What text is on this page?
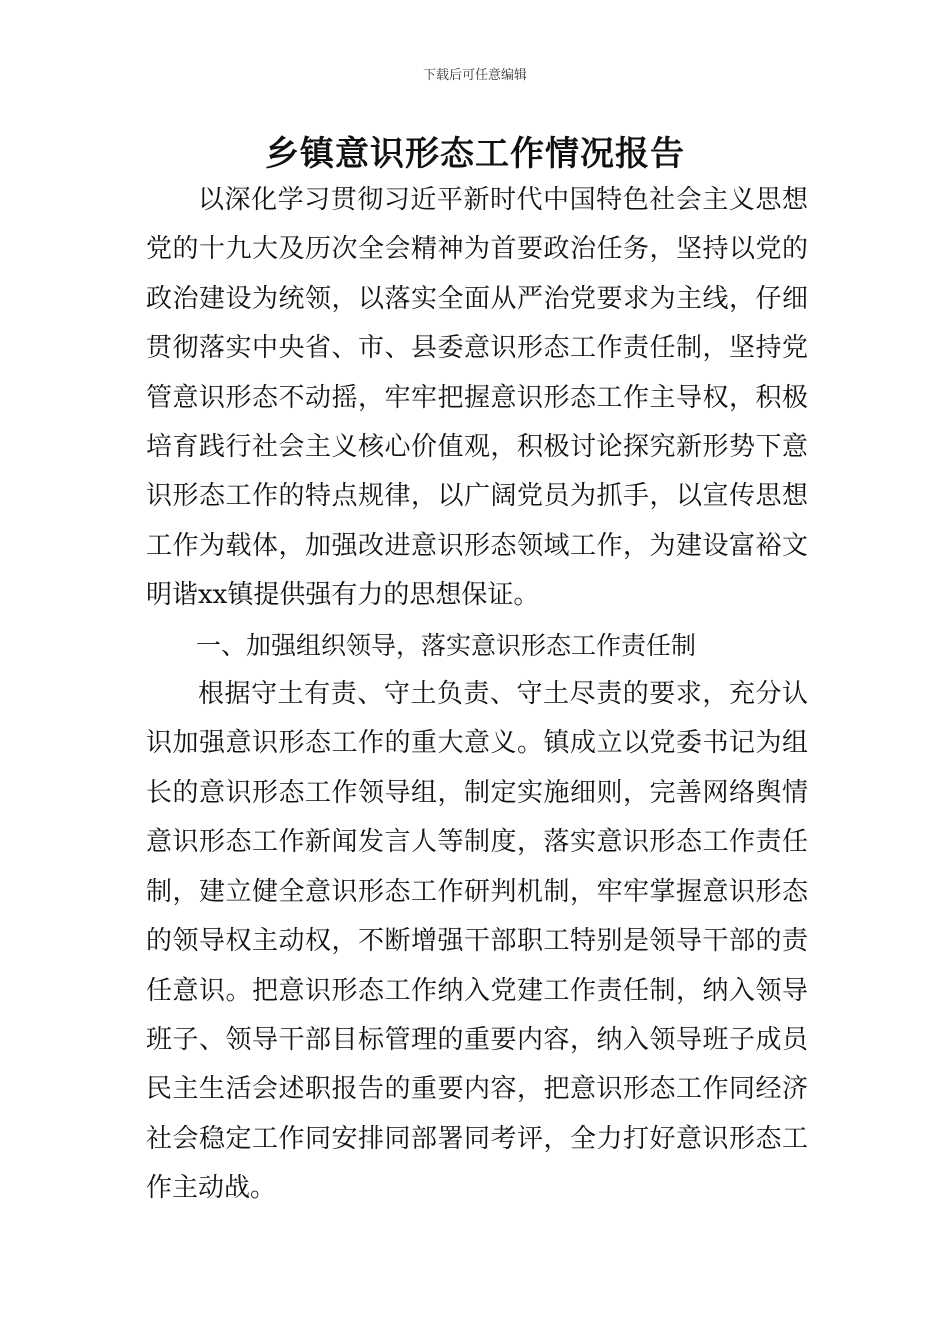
下载后可任意编辑
乡镇意识形态工作情况报告

以深化学习贯彻习近平新时代中国特色社会主义思想党的十九大及历次全会精神为首要政治任务，坚持以党的政治建设为统领，以落实全面从严治党要求为主线，仔细贯彻落实中央省、市、县委意识形态工作责任制，坚持党管意识形态不动摇，牢牢把握意识形态工作主导权，积极培育践行社会主义核心价值观，积极讨论探究新形势下意识形态工作的特点规律，以广阔党员为抓手，以宣传思想工作为载体，加强改进意识形态领域工作，为建设富裕文明谐xx镇提供强有力的思想保证。

一、加强组织领导，落实意识形态工作责任制

根据守土有责、守土负责、守土尽责的要求，充分认识加强意识形态工作的重大意义。镇成立以党委书记为组长的意识形态工作领导组，制定实施细则，完善网络舆情意识形态工作新闻发言人等制度，落实意识形态工作责任制，建立健全意识形态工作研判机制，牢牢掌握意识形态的领导权主动权，不断增强干部职工特别是领导干部的责任意识。把意识形态工作纳入党建工作责任制，纳入领导班子、领导干部目标管理的重要内容，纳入领导班子成员民主生活会述职报告的重要内容，把意识形态工作同经济社会稳定工作同安排同部署同考评，全力打好意识形态工作主动战。
